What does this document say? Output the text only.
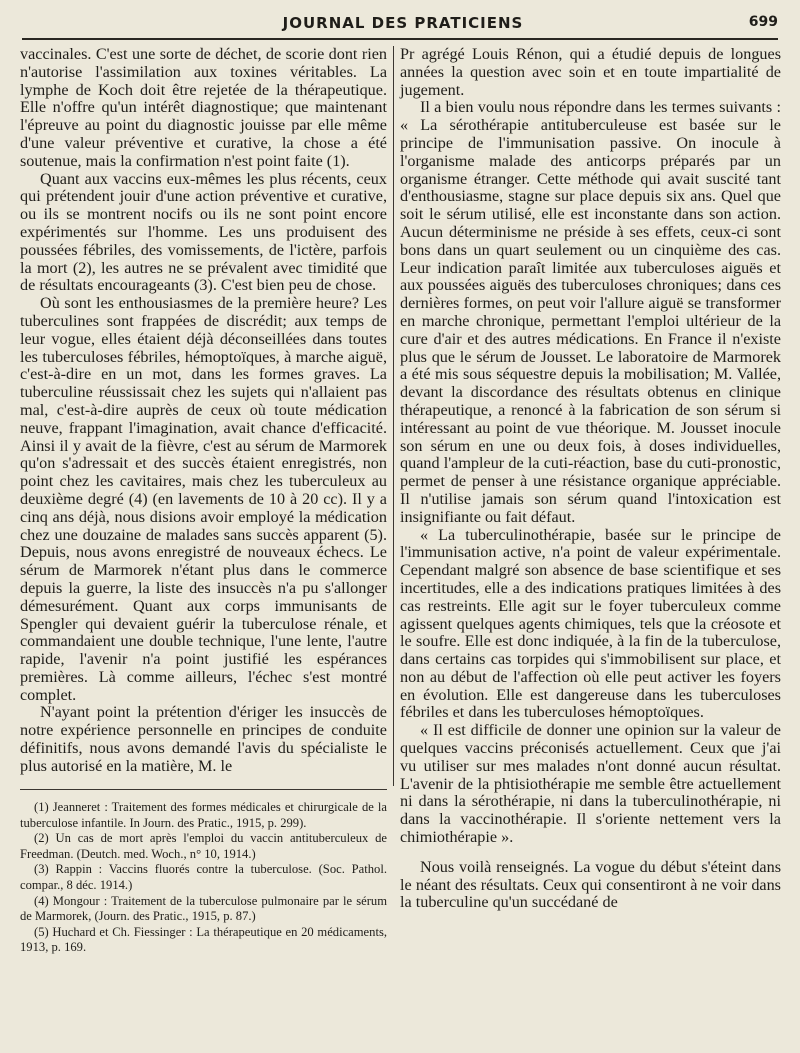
JOURNAL DES PRATICIENS	699

vaccinales. C'est une sorte de déchet, de scorie dont rien n'autorise l'assimilation aux toxines véritables. La lymphe de Koch doit être rejetée de la thérapeutique. Elle n'offre qu'un intérêt diagnostique; que maintenant l'épreuve au point du diagnostic jouisse par elle même d'une valeur préventive et curative, la chose a été soutenue, mais la confirmation n'est point faite (1).

Quant aux vaccins eux-mêmes les plus récents, ceux qui prétendent jouir d'une action préventive et curative, ou ils se montrent nocifs ou ils ne sont point encore expérimentés sur l'homme. Les uns produisent des poussées fébriles, des vomissements, de l'ictère, parfois la mort (2), les autres ne se prévalent avec timidité que de résultats encourageants (3). C'est bien peu de chose.

Où sont les enthousiasmes de la première heure? Les tuberculines sont frappées de discrédit; aux temps de leur vogue, elles étaient déjà déconseillées dans toutes les tuberculoses fébriles, hémoptoïques, à marche aiguë, c'est-à-dire en un mot, dans les formes graves. La tuberculine réussissait chez les sujets qui n'allaient pas mal, c'est-à-dire auprès de ceux où toute médication neuve, frappant l'imagination, avait chance d'efficacité. Ainsi il y avait de la fièvre, c'est au sérum de Marmorek qu'on s'adressait et des succès étaient enregistrés, non point chez les cavitaires, mais chez les tuberculeux au deuxième degré (4) (en lavements de 10 à 20 cc). Il y a cinq ans déjà, nous disions avoir employé la médication chez une douzaine de malades sans succès apparent (5). Depuis, nous avons enregistré de nouveaux échecs. Le sérum de Marmorek n'étant plus dans le commerce depuis la guerre, la liste des insuccès n'a pu s'allonger démesurément. Quant aux corps immunisants de Spengler qui devaient guérir la tuberculose rénale, et commandaient une double technique, l'une lente, l'autre rapide, l'avenir n'a point justifié les espérances premières. Là comme ailleurs, l'échec s'est montré complet.

N'ayant point la prétention d'ériger les insuccès de notre expérience personnelle en principes de conduite définitifs, nous avons demandé l'avis du spécialiste le plus autorisé en la matière, M. le

Pr agrégé Louis Rénon, qui a étudié depuis de longues années la question avec soin et en toute impartialité de jugement.

Il a bien voulu nous répondre dans les termes suivants : « La sérothérapie antituberculeuse est basée sur le principe de l'immunisation passive. On inocule à l'organisme malade des anticorps préparés par un organisme étranger. Cette méthode qui avait suscité tant d'enthousiasme, stagne sur place depuis six ans. Quel que soit le sérum utilisé, elle est inconstante dans son action. Aucun déterminisme ne préside à ses effets, ceux-ci sont bons dans un quart seulement ou un cinquième des cas. Leur indication paraît limitée aux tuberculoses aiguës et aux poussées aiguës des tuberculoses chroniques; dans ces dernières formes, on peut voir l'allure aiguë se transformer en marche chronique, permettant l'emploi ultérieur de la cure d'air et des autres médications. En France il n'existe plus que le sérum de Jousset. Le laboratoire de Marmorek a été mis sous séquestre depuis la mobilisation; M. Vallée, devant la discordance des résultats obtenus en clinique thérapeutique, a renoncé à la fabrication de son sérum si intéressant au point de vue théorique. M. Jousset inocule son sérum en une ou deux fois, à doses individuelles, quand l'ampleur de la cuti-réaction, base du cuti-pronostic, permet de penser à une résistance organique appréciable. Il n'utilise jamais son sérum quand l'intoxication est insignifiante ou fait défaut.

« La tuberculinothérapie, basée sur le principe de l'immunisation active, n'a point de valeur expérimentale. Cependant malgré son absence de base scientifique et ses incertitudes, elle a des indications pratiques limitées à des cas restreints. Elle agit sur le foyer tuberculeux comme agissent quelques agents chimiques, tels que la créosote et le soufre. Elle est donc indiquée, à la fin de la tuberculose, dans certains cas torpides qui s'immobilisent sur place, et non au début de l'affection où elle peut activer les foyers en évolution. Elle est dangereuse dans les tuberculoses fébriles et dans les tuberculoses hémoptoïques.

« Il est difficile de donner une opinion sur la valeur de quelques vaccins préconisés actuellement. Ceux que j'ai vu utiliser sur mes malades n'ont donné aucun résultat. L'avenir de la phtisiothérapie me semble être actuellement ni dans la sérothérapie, ni dans la tuberculinothérapie, ni dans la vaccinothérapie. Il s'oriente nettement vers la chimiothérapie ».

Nous voilà renseignés. La vogue du début s'éteint dans le néant des résultats. Ceux qui consentiront à ne voir dans la tuberculine qu'un succédané de

(1) Jeanneret : Traitement des formes médicales et chirurgicale de la tuberculose infantile. In Journ. des Pratic., 1915, p. 299).

(2) Un cas de mort après l'emploi du vaccin antituberculeux de Freedman. (Deutch. med. Woch., n° 10, 1914.)

(3) Rappin : Vaccins fluorés contre la tuberculose. (Soc. Pathol. compar., 8 déc. 1914.)

(4) Mongour : Traitement de la tuberculose pulmonaire par le sérum de Marmorek, (Journ. des Pratic., 1915, p. 87.)

(5) Huchard et Ch. Fiessinger : La thérapeutique en 20 médicaments, 1913, p. 169.
